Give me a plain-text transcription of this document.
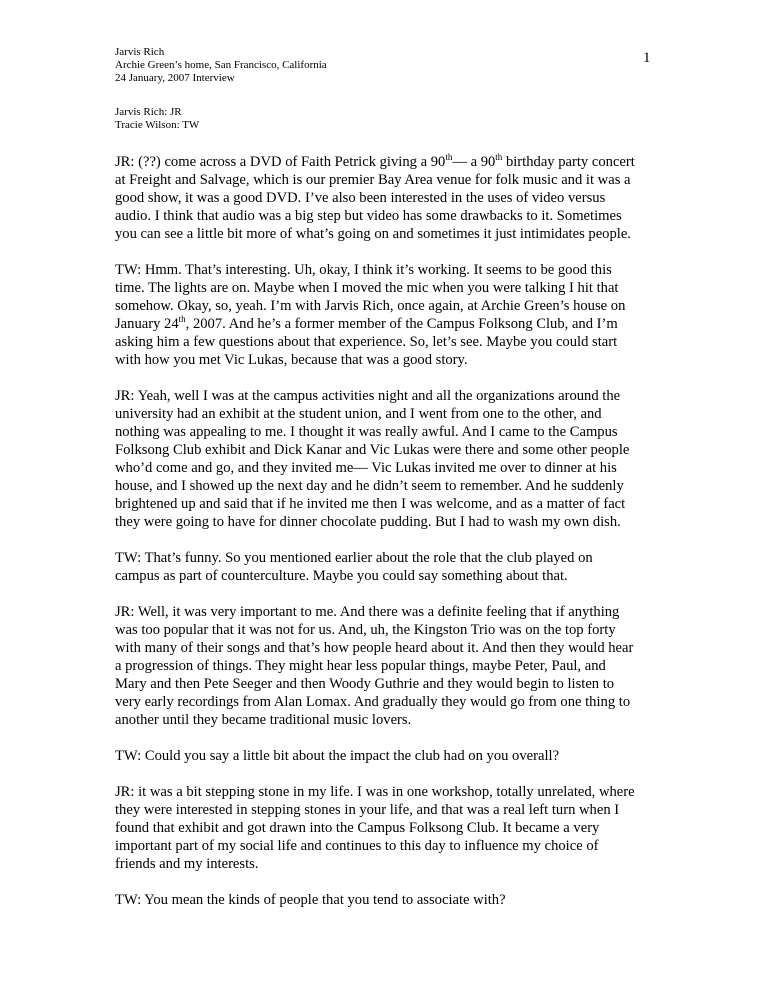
Jarvis Rich
Archie Green’s home, San Francisco, California
24 January, 2007 Interview
1
Jarvis Rich: JR
Tracie Wilson: TW
JR: (??) come across a DVD of Faith Petrick giving a 90th— a 90th birthday party concert
at Freight and Salvage, which is our premier Bay Area venue for folk music and it was a
good show, it was a good DVD. I’ve also been interested in the uses of video versus
audio. I think that audio was a big step but video has some drawbacks to it. Sometimes
you can see a little bit more of what’s going on and sometimes it just intimidates people.
TW: Hmm. That’s interesting. Uh, okay, I think it’s working. It seems to be good this
time. The lights are on. Maybe when I moved the mic when you were talking I hit that
somehow. Okay, so, yeah. I’m with Jarvis Rich, once again, at Archie Green’s house on
January 24th, 2007. And he’s a former member of the Campus Folksong Club, and I’m
asking him a few questions about that experience. So, let’s see. Maybe you could start
with how you met Vic Lukas, because that was a good story.
JR: Yeah, well I was at the campus activities night and all the organizations around the
university had an exhibit at the student union, and I went from one to the other, and
nothing was appealing to me. I thought it was really awful. And I came to the Campus
Folksong Club exhibit and Dick Kanar and Vic Lukas were there and some other people
who’d come and go, and they invited me— Vic Lukas invited me over to dinner at his
house, and I showed up the next day and he didn’t seem to remember. And he suddenly
brightened up and said that if he invited me then I was welcome, and as a matter of fact
they were going to have for dinner chocolate pudding. But I had to wash my own dish.
TW: That’s funny. So you mentioned earlier about the role that the club played on
campus as part of counterculture. Maybe you could say something about that.
JR: Well, it was very important to me. And there was a definite feeling that if anything
was too popular that it was not for us. And, uh, the Kingston Trio was on the top forty
with many of their songs and that’s how people heard about it. And then they would hear
a progression of things. They might hear less popular things, maybe Peter, Paul, and
Mary and then Pete Seeger and then Woody Guthrie and they would begin to listen to
very early recordings from Alan Lomax. And gradually they would go from one thing to
another until they became traditional music lovers.
TW: Could you say a little bit about the impact the club had on you overall?
JR: it was a bit stepping stone in my life. I was in one workshop, totally unrelated, where
they were interested in stepping stones in your life, and that was a real left turn when I
found that exhibit and got drawn into the Campus Folksong Club. It became a very
important part of my social life and continues to this day to influence my choice of
friends and my interests.
TW: You mean the kinds of people that you tend to associate with?
